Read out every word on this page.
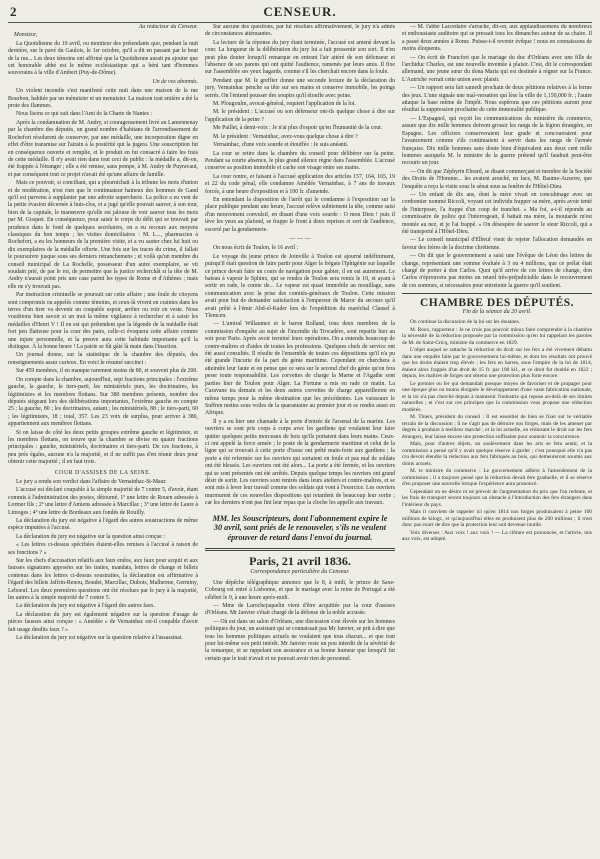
2	CENSEUR.
Au rédacteur du Censeur.
Monsieur,

La Quotidienne du 19 avril, ou moniteur des prétendants quo, pendant la nuit dernière, sur le pavé du Gaulois, le 1er octobre, qu'il a dit en passant par le bout de la rue... Les deux témoins ont affirmé que la Quotidienne aurait pu ajouter que cet honorable abbé est le même ecclésiastique qui a béni tant d'hommes souverains à la ville d'Ambert (Puy-de-Dôme).

Un de vos abonnés.

Un violent incendie s'est manifesté cette nuit dans une maison de la rue Bourbon, habitée par un ménuisier et un menuisier. La maison tout entière a été la proie des flammes.

Nous lisons ce qui suit dans l'Ami de la Charte de Nantes :

Après la condamnation de M. Andry, si courageusement livré au Lamennenay par la chambre des députés, un grand nombre d'habitans de l'arrondissement de Rochefort résolurent de conserver, par une médaille, une incorporation digne en effet d'être transmise sur l'airain à la postérité qui la jugera. Une souscription fut en conséquence ouverte et remplie, et le produit en fut consacré à faire les frais de cette médaille. Il n'y avait rien dans tout ceci de public : la médaille a, dit-on, été frappée à l'étranger ; elle a été remise, sans pompe, à M. Andry de Puyravaut, et par conséquent tout ce projet n'avait été qu'une affaire de famille.

Mais ce pouvoir, si conciliant, qui a pleurnichait à la tribune les mots d'union et de modération, n'est rien que le continuateur haineux des hommes de Gand qu'il est parvenu à supplanter par une adroite supercherie. La police a eu vent de la petite évasion décernée à huis-clos, et a jugé qu'elle pouvait sauver, à son tour, bien de la capitale, le manœuvre qu'elle est jalouse de voir sauver tous les mois par M. Gisquet. En conséquence, pour saisir le corps du délit qui se trouvait par prudence dans le fond de quelques secrétaires, on a eu recours aux moyens classiques du bon temps ; les visites domiciliaires : M. L..., pharmacien à Rochefort, a eu les honneurs de la première visite, et a vu sauter chez lui huit ou dix exemplaires de la médaille offerte. Une fois sur les traces du crime, il fallait le poursuivre jusque sous ses derniers retranchemens ; et voilà qu'un membre du conseil municipal de La Rochelle, possesseur d'un autre exemplaire, se vit soudain prié, de par le roi, de permettre que la justice recherchât si la tête de M. Andry n'aurait point pris une case parmi les types de Rome et d'Athènes ; mais elle ne s'y trouvait pas.

Par instruction criminelle se poursuit sur cette affaire ; une foule de citoyens sont compromis ou appelés comme témoins, et ceux-là vivent en craintes dans les terres d'un tirer va devenir un coupable espoir, arrêter ou voir en veste. Nous voudrions bien savoir si un mot la même vigilance à rechercher et à saisir les médailles d'Henri V ! Il en est qui prétendent que la légende de la médaille était fort peu flatteuse pour la cour des pairs, celle-ci évoquera cette affaire comme une injure personnelle, et la preuve aura cette habitude importante qu'il la distingue. À la bonne heure ! La patrie se fût gâté là main dans l'inaction.

Un journal donne, sur la statistique de la chambre des députés, des renseignements assez curieux. En voici le résumé succinct :

Sur 459 membres, il en manque rarement moins de 80, et souvent plus de 200.

On compte dans la chambre, aujourd'hui, sept fractions principales : l'extrême gauche, la gauche, le tiers-parti, les ministériels purs, les doctrinaires, les légitimistes et les membres flottans. Sur 380 membres présents, nombre des députés siégeant lors des délibérations importantes, l'extrême gauche en compte 25 ; la gauche, 80 ; les doctrinaires, autant ; les ministériels, 88 ; le tiers-parti, 60 ; les légitimistes, 18 ; total, 357. Les 23 voix de surplus, pour arriver à 380, appartiennent aux membres flottans.

Si on laisse de côté les deux petits groupes extrême gauche et légitimiste, et les membres flottans, on trouve que la chambre se divise en quatre fractions principales : gauche, ministériels, doctrinaires et tiers-parti. De ces fractions, à peu près égales, aucune n'a la majorité, et il ne suffit pas d'en réunir deux pour obtenir cette majorité ; il en faut trois.

COUR D'ASSISES DE LA SEINE.

Le jury a rendu son verdict dans l'affaire de Vernainhac-St-Maur.

L'accusé est déclaré coupable à la simple majorité de 7 contre 5, d'avoir, étant commis à l'administration des postes, détourné, 1º une lettre de Rouen adressée à Lormer fils ; 2º une lettre d'Amiens adressée à Marcillac ; 3º une lettre de Laure à Limoges ; 4º une lettre de Bordeaux aux fondés de Rouilly.

La déclaration du jury est négative à l'égard des autres soustractions de même espèce imputées à l'accusé.

La déclaration du jury est négative sur la question ainsi conçue :

« Les lettres ci-dessus spécifiées étaient-elles remises à l'accusé à raison de ses fonctions ? »

Sur les chefs d'accusation relatifs aux faux endos, aux faux pour acquit et aux fausses signatures apposées sur les traites, mandats, lettres de change et billets contenus dans les lettres ci-dessus soustraites, la déclaration est affirmative à l'égard des billets Jaffrin-Renou, Boudet, Marcillac, Dubois, Malherme, Germiny, Leboeuf. Les deux premières questions ont été résolues par le jury à la majorité, les autres à la simple majorité de 7 contre 5.

La déclaration du jury est négative à l'égard des autres faux.

La déclaration du jury est également négative sur la question d'usage de pièces fausses ainsi conçue : « Amédée » de Vernainhac est-il coupable d'avoir fait usage desdits faux ? »

La déclaration du jury est négative sur la question relative à l'assassinat.

Sur aucune des questions, par lui résolues affirmativement, le jury n'a admis de circonstances atténuantes.

La lecture de la réponse du jury étant terminée, l'accusé est amené devant la cour. La longueur de la délibération du jury lui a fait pressentir son sort. Il n'en peut plus douter lorsqu'il remarque en entrant l'air attéré de son défenseur et l'absence de ses parens qui ont quitté l'audience, ramenés par leurs amis. Il fixe sur l'assemblée ses yeux hagards, comme s'il les cherchait encore dans la foule.

Pendant que M. le greffier donne une seconde lecture de la déclaration du jury, Vernainhac penche sa tête sur ses mains et conserve immobile, les poings serrés. On l'entend pousser des soupirs qu'il étouffe avec peine.

M. Plougoulm, avocat-général, requiert l'application de la loi.

M. le président : L'accusé ou son défenseur ont-ils quelque chose à dire sur l'application de la peine ?

Me Paillet, à demi-voix : Je n'ai plus d'espoir qu'en l'humanité de la cour.

M. le président : Vernainhac, avez-vous quelque chose à dire ?

Vernainhac, d'une voix sourde et étouffée : Je suis anéanti.

La cour se retire dans la chambre du conseil pour délibérer sur la peine. Pendant sa courte absence, le plus grand silence règne dans l'assemblée. L'accusé conserve sa position immobile et cache son visage entre ses mains.

La cour rentre, et faisant à l'accusé application des articles 157, 164, 165, 19 et 22 du code pénal, elle condamne Amédée Vernainhac, à 7 ans de travaux forcés, à une heure d'exposition et à 100 fr. d'amende.

En entendant la disposition de l'arrêt qui le condamne à l'exposition sur la place publique pendant une heure, l'accusé relève subitement la tête, comme saisi d'un mouvement convulsif, en disant d'une voix sourde : O mon Dieu ! puis il lève les yeux au plafond, se frappe le front à deux reprises et sort de l'audience, escorté par la gendarmerie.

— — —

On nous écrit de Toulon, le 16 avril :

Le voyage du jeune prince de Joinville à Toulon est ajourné indéfiniment, puisqu'il était question de faire partir pour Alger la frégate l'Iphigénie sur laquelle ce prince devait faire un cours de navigation pour gabier, il en est autrement. Le bateau à vapeur le Sphinx, qui se rendra de Toulon sera remis le 10, et ayant à sortir en rade, le comte de... Le vapeur est quasi immobile au mouillage, sans communication avec la prise des comités-généraux de Toulon. Cette mission avait pour but de demander satisfaction à l'empereur de Maroc du secours qu'il avait prêté à l'émir Abd-el-Kader lors de l'expédition du maréchal Clausel à Tlemcen.

— L'amiral Willaumez et le baron Rolland, tous deux membres de la commission d'enquête au sujet de l'incendie du Trocadéro, sont repartis hier au soir pour Paris. Après avoir terminé leurs opérations. On a entendu beaucoup de contre-maîtres et d'aides de toutes les professions. Quelques chefs de service ont été aussi consultés. Il résulte de l'ensemble de toutes ces dépositions qu'il n'a pu été grande l'incurie de la part du génie maritime. Cependant on cherchera à atteindre leur faute et on pense que ce sera sur le second chef du génie qu'on fera peser toute responsabilité. Les corvettes de charge la Marne et l'Agathe sont parties hier de Toulon pour Alger. La Fortune a mis en rade ce matin. La Caravane ira demain et les deux autres corvettes de charge appareilleront en même temps pour la même destination que les précédentes. Les vaisseaux le Suffren mettra sous voiles de la quarantaine au premier jour et se rendra aussi en Afrique.

Il y a eu hier une chamade à la porte d'entrée de l'arsenal de la marine. Les ouvriers se sont pris corps à corps avec les gardiens qui voulaient leur faire quitter quelques petits morceaux de bois qu'ils portaient dans leurs mains. Ceux-ci ont appelé la force armée ; le poste de la gendarmerie maritime et celui de la ligne qui se trouvait à cette porte d'issue ont prêté main-forte aux gardiens ; la porte a été refermée sur les ouvriers qui sortaient en foule et pas mal de soldats ont été blessés. Les ouvriers ont été alors... La porte a été fermée, et les ouvriers qui se sont présentés ont été arrêtés. Depuis quelque temps les ouvriers ont grand désir de sortir. Les ouvriers sont rentrés dans leurs ateliers et contre-maîtres, et se sont mis à lever leur travail comme des soldats qui vont à l'exercice. Les ouvriers murmurent de ces nouvelles dispositions qui retardent de beaucoup leur sortie ; car les derniers n'ont pas fini leur repas que la cloche les appelle aux travaux.

MM. les Souscripteurs, dont l'abonnement expire le 30 avril, sont priés de le renouveler, s'ils ne veulent éprouver de retard dans l'envoi du journal.
Paris, 21 avril 1836.
Correspondance particulière du Censeur.

Une dépêche télégraphique annonce que le 8, à midi, le prince de Saxe-Cobourg est entré à Lisbonne, et que le mariage avec la reine de Portugal a été célébré le 9, à une heure après-midi.

— Mme de Larochejaquelin vient d'être acquittée par la cour d'assises d'Orléans. Mr Janvier s'était chargé de la défense de la noble accusée.

— Où est dans un salon d'Orléans, une discussion s'est élevée sur les hommes politiques du jour, un assistant qui se connaissait pas Mr Janvier, se prit à dire que tous les hommes politiques actuels ne voulaient que tous chacun... et que tout pour lui-même son petit intérêt. Mr Janvier reste un pou interdit de la sévérité de la remarque, et se rappelant son assurance et sa bonne humeur que lorsqu'il fut certain que le trait n'avait et ne pouvait avoir rien de personnel.

— M. l'abbé Lacordaire s'arrache, dit-on, aux applaudissemens du nombreux et enthousiaste auditoire qui se pressait tous les dimanches autour de sa chaire. Il a passé deux années à Rome. Puisse-t-il revenir évêque ! nous en connaissons de moins éloquents.

— On écrit de Francfort que le mariage du duc d'Orléans avec une fille de l'archiduc Charles, est une nouvelle inventée à plaisir. C'est, dit le correspondant allemand, une jeune sœur du dona Maria qui est destinée à régner sur la France. L'Autriche verrait cette union avec plaisir.

— Un rapport sera fait samedi prochain de deux pétitions relatives à la ferme des jeux. L'une signale une mal-versation qui lèse la ville de 1,150,000 fr. ; l'autre attaque la base même de l'impôt. Nous espérons que ces pétitions auront pour résultat la suppression prochaine de cette immoralité publique.

— L'Espagnol, qui reçoit les communications du ministère du commerce, assure que dix mille hommes doivent grossir les rangs de la légion étrangère, en Espagne. Les officiers conserveraient leur grade et concourraient pour l'avancement comme s'ils continuaient à servir dans les rangs de l'armée française. Dix mille hommes sans doute bien d'équivalent aux deux cent mille hommes auxquels M. le ministre de la guerre prétend qu'il faudrait peut-être recourir un jour.

— On dit que Zéphyrin Ebrard, se disant commerçant et membre de la Société des Droits de l'Homme... les avaient arraché, en face, M. Baume-Auxerre, que l'enquête a reçu la visite sous le sénat sous sa fenêtre de l'Hôtel-Dieu.

— Un enfant de dix ans, dont la mère vivait en concubinage avec un cordonnier nommé Riccoli, voyant cet individu frapper sa mère, après avoir tenté de l'interposer, l'a frappé d'un coup de tranchet. « Ma foi, a-t-il répondu au commissaire de police qui l'interrogeait, il battait ma mère, la moutarde m'est montée au nez, et je l'ai frappé. » On désespère de sauver le sieur Riccoli, qui a été transporté à l'Hôtel-Dieu.

— Le conseil municipal d'Elbeuf vient de rejeter l'allocation demandée en faveur des frères de la doctrine chrétienne.

— On dit que le gouvernement a saisi une l'évêque de Léon des lettres de change, représentant une somme évaluée à 3 ou 4 millions, que ce prélat était chargé de porter à don Carlos. Quoi qu'il arrive de ces lettres de change, don Carlos n'éprouvera pas moins un retard très-préjudiciable dans le recouvrement de ces sommes, si nécessaires pour entretenir la guerre qu'il soutient.

CHAMBRE DES DÉPUTÉS.
Fin de la séance du 20 avril.

On continue la discussion de la loi sur les douanes.

M. Roux, rapporteur : Je ne crois pas pouvoir mieux faire comprendre à la chambre la nécessité de la réduction proposée par la commission qu'en lui rappelant les paroles de M. de Saint-Cricq, ministre du commerce en 1829.

L'objet auquel se rattache la réduction du droit sur les fers a été vivement débattu dans une enquête faite par le gouvernement lui-même, et dont les résultats ont prouvé que les droits étaient trop élevés ; les fers en barres, sous l'empire de la loi de 1814, étaient alors frappés d'un droit de 15 fr. par 100 kil., et ce droit fut doublé en 1822 ; depuis, les maîtres de forges ont obtenu une protection plus forte encore.

Le premier ou fer qui demandait presque moyen de favoriser et de propager pour une époque plus ou moins éloignée le développement d'une vaste fabrication nationale, et la loi n'a pas cherché depuis à maintenir l'industrie qui repose au-delà de ses limites naturelles ; et c'est sur ces principes que la commission vous propose une réduction modérée.

M. Thiers, président du conseil : Il est essentiel de bien se fixer sur le véritable terrain de la discussion ; il ne s'agit pas de détruire nos forges, mais de les amener par degrés à produire à meilleur marché ; et la loi actuelle, en réduisant le droit sur les fers étrangers, leur laisse encore une protection suffisante pour soutenir la concurrence.

Mais, pour d'autres objets, un soulèvement dans les arts se fera sentir, et la commission a pensé qu'il y avait quelque réserve à garder ; c'est pourquoi elle n'a pas cru devoir étendre la réduction aux fers fabriqués au bois, qui demeureront soumis aux droits actuels.

M. le ministre du commerce : Le gouvernement adhère à l'amendement de la commission ; il a toujours pensé que la réduction devait être graduelle, et il se réserve d'en proposer une nouvelle lorsque l'expérience aura prononcé.

Cependant on ne désire ni ne prévoit de l'augmentation du prix que l'on redoute, et les frais de transport seront toujours un obstacle à l'introduction des fers étrangers dans l'intérieur du pays.

Mais il convient de rappeler ici qu'en 1814 nos forges produisaient à peine 100 millions de kilogr., et qu'aujourd'hui elles en produisent plus de 200 millions ; il n'est donc pas exact de dire que la protection leur soit devenue inutile.

Voix diverses : Aux voix ! aux voix ! — La clôture est prononcée, et l'article, mis aux voix, est adopté.
